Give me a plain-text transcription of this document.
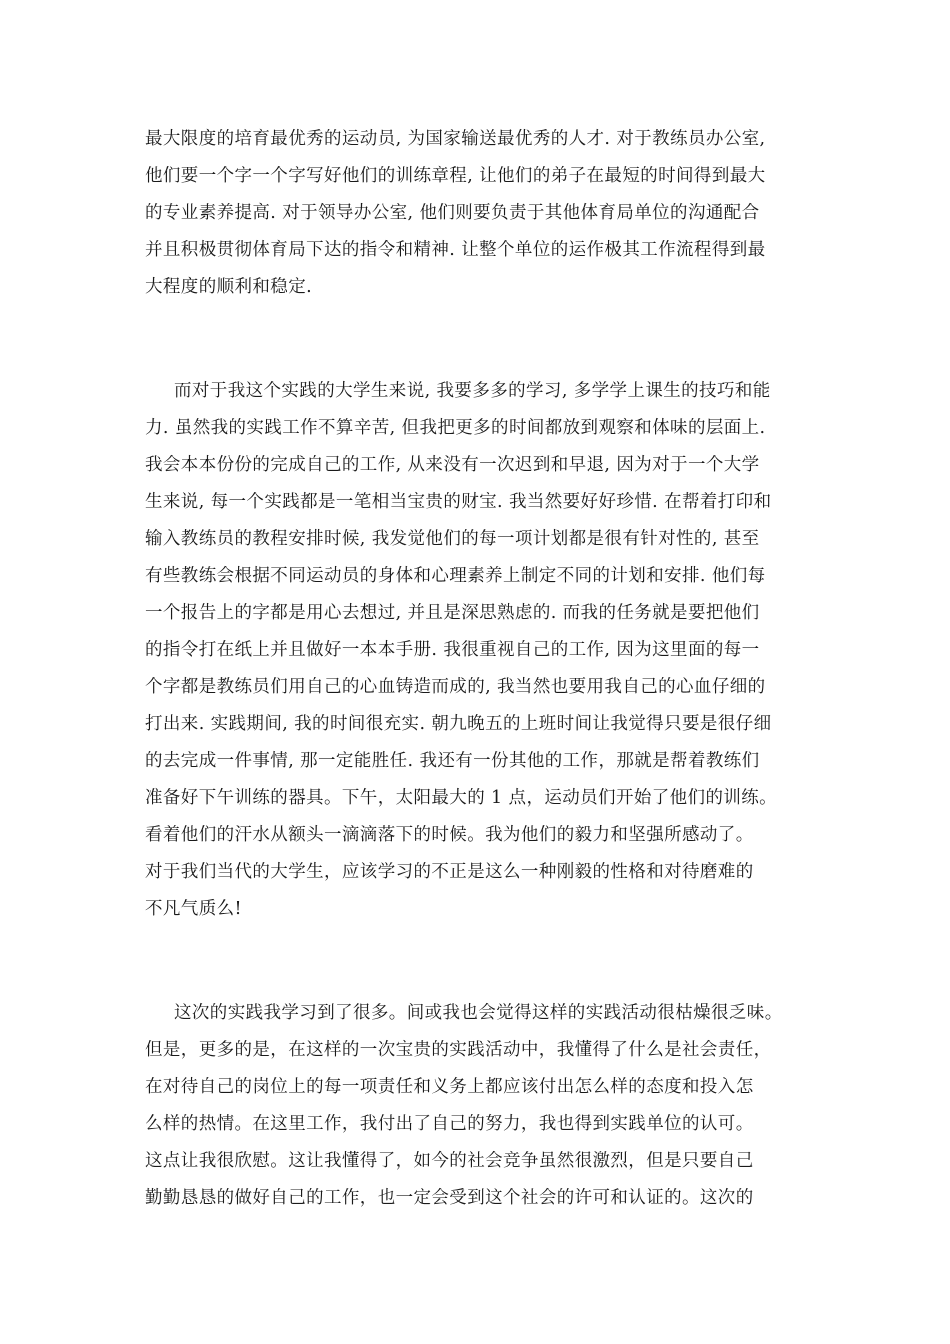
最大限度的培育最优秀的运动员, 为国家输送最优秀的人才. 对于教练员办公室,
他们要一个字一个字写好他们的训练章程, 让他们的弟子在最短的时间得到最大
的专业素养提高. 对于领导办公室, 他们则要负责于其他体育局单位的沟通配合
并且积极贯彻体育局下达的指令和精神. 让整个单位的运作极其工作流程得到最
大程度的顺利和稳定.
而对于我这个实践的大学生来说, 我要多多的学习, 多学学上课生的技巧和能
力. 虽然我的实践工作不算辛苦, 但我把更多的时间都放到观察和体味的层面上.
我会本本份份的完成自己的工作, 从来没有一次迟到和早退, 因为对于一个大学
生来说, 每一个实践都是一笔相当宝贵的财宝. 我当然要好好珍惜. 在帮着打印和
输入教练员的教程安排时候, 我发觉他们的每一项计划都是很有针对性的, 甚至
有些教练会根据不同运动员的身体和心理素养上制定不同的计划和安排. 他们每
一个报告上的字都是用心去想过, 并且是深思熟虑的. 而我的任务就是要把他们
的指令打在纸上并且做好一本本手册. 我很重视自己的工作, 因为这里面的每一
个字都是教练员们用自己的心血铸造而成的, 我当然也要用我自己的心血仔细的
打出来. 实践期间, 我的时间很充实. 朝九晚五的上班时间让我觉得只要是很仔细
的去完成一件事情, 那一定能胜任. 我还有一份其他的工作，那就是帮着教练们
准备好下午训练的器具。下午，太阳最大的 1 点，运动员们开始了他们的训练。
看着他们的汗水从额头一滴滴落下的时候。我为他们的毅力和坚强所感动了。
对于我们当代的大学生，应该学习的不正是这么一种刚毅的性格和对待磨难的
不凡气质么!
这次的实践我学习到了很多。间或我也会觉得这样的实践活动很枯燥很乏味。
但是，更多的是，在这样的一次宝贵的实践活动中，我懂得了什么是社会责任，
在对待自己的岗位上的每一项责任和义务上都应该付出怎么样的态度和投入怎
么样的热情。在这里工作，我付出了自己的努力，我也得到实践单位的认可。
这点让我很欣慰。这让我懂得了，如今的社会竞争虽然很激烈，但是只要自己
勤勤恳恳的做好自己的工作，也一定会受到这个社会的许可和认证的。这次的
